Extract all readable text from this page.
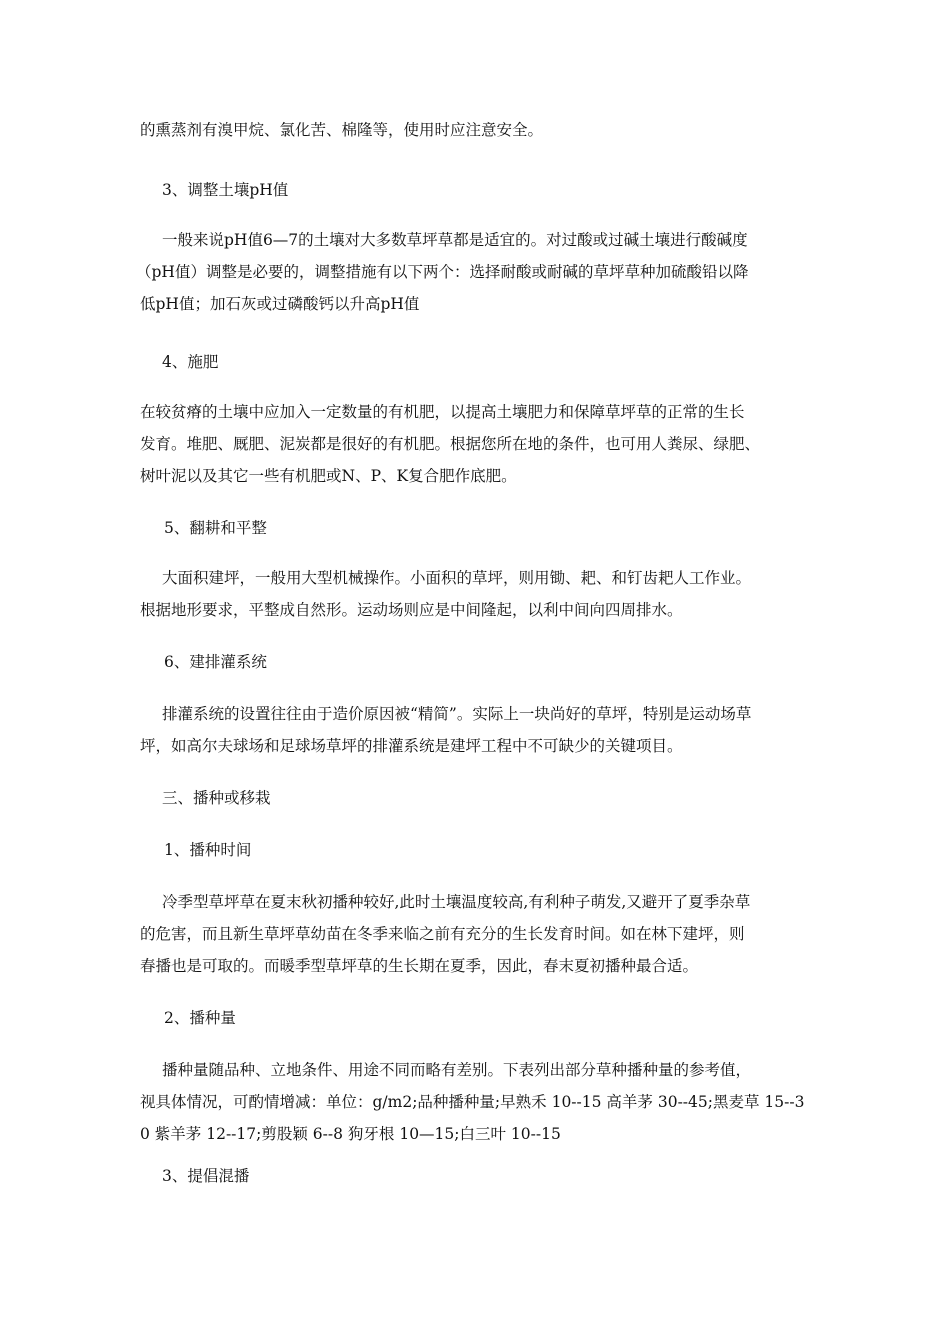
的熏蒸剂有溴甲烷、氯化苦、棉隆等，使用时应注意安全。
3、调整土壤pH值
一般来说pH值6—7的土壤对大多数草坪草都是适宜的。对过酸或过碱土壤进行酸碱度
（pH值）调整是必要的，调整措施有以下两个：选择耐酸或耐碱的草坪草种加硫酸铅以降
低pH值；加石灰或过磷酸钙以升高pH值
4、施肥
在较贫瘠的土壤中应加入一定数量的有机肥，以提高土壤肥力和保障草坪草的正常的生长
发育。堆肥、厩肥、泥炭都是很好的有机肥。根据您所在地的条件，也可用人粪尿、绿肥、
树叶泥以及其它一些有机肥或N、P、K复合肥作底肥。
5、翻耕和平整
大面积建坪，一般用大型机械操作。小面积的草坪，则用锄、耙、和钉齿耙人工作业。
根据地形要求，平整成自然形。运动场则应是中间隆起，以利中间向四周排水。
6、建排灌系统
排灌系统的设置往往由于造价原因被“精简”。实际上一块尚好的草坪，特别是运动场草
坪，如高尔夫球场和足球场草坪的排灌系统是建坪工程中不可缺少的关键项目。
三、播种或移栽
1、播种时间
冷季型草坪草在夏末秋初播种较好,此时土壤温度较高,有利种子萌发,又避开了夏季杂草
的危害，而且新生草坪草幼苗在冬季来临之前有充分的生长发育时间。如在林下建坪，则
春播也是可取的。而暖季型草坪草的生长期在夏季，因此，春末夏初播种最合适。
2、播种量
播种量随品种、立地条件、用途不同而略有差别。下表列出部分草种播种量的参考值，
视具体情况，可酌情增减：单位：g/m2;品种播种量;早熟禾 10--15 高羊茅 30--45;黑麦草 15--3
0 紫羊茅 12--17;剪股颖 6--8 狗牙根 10—15;白三叶 10--15
3、提倡混播
